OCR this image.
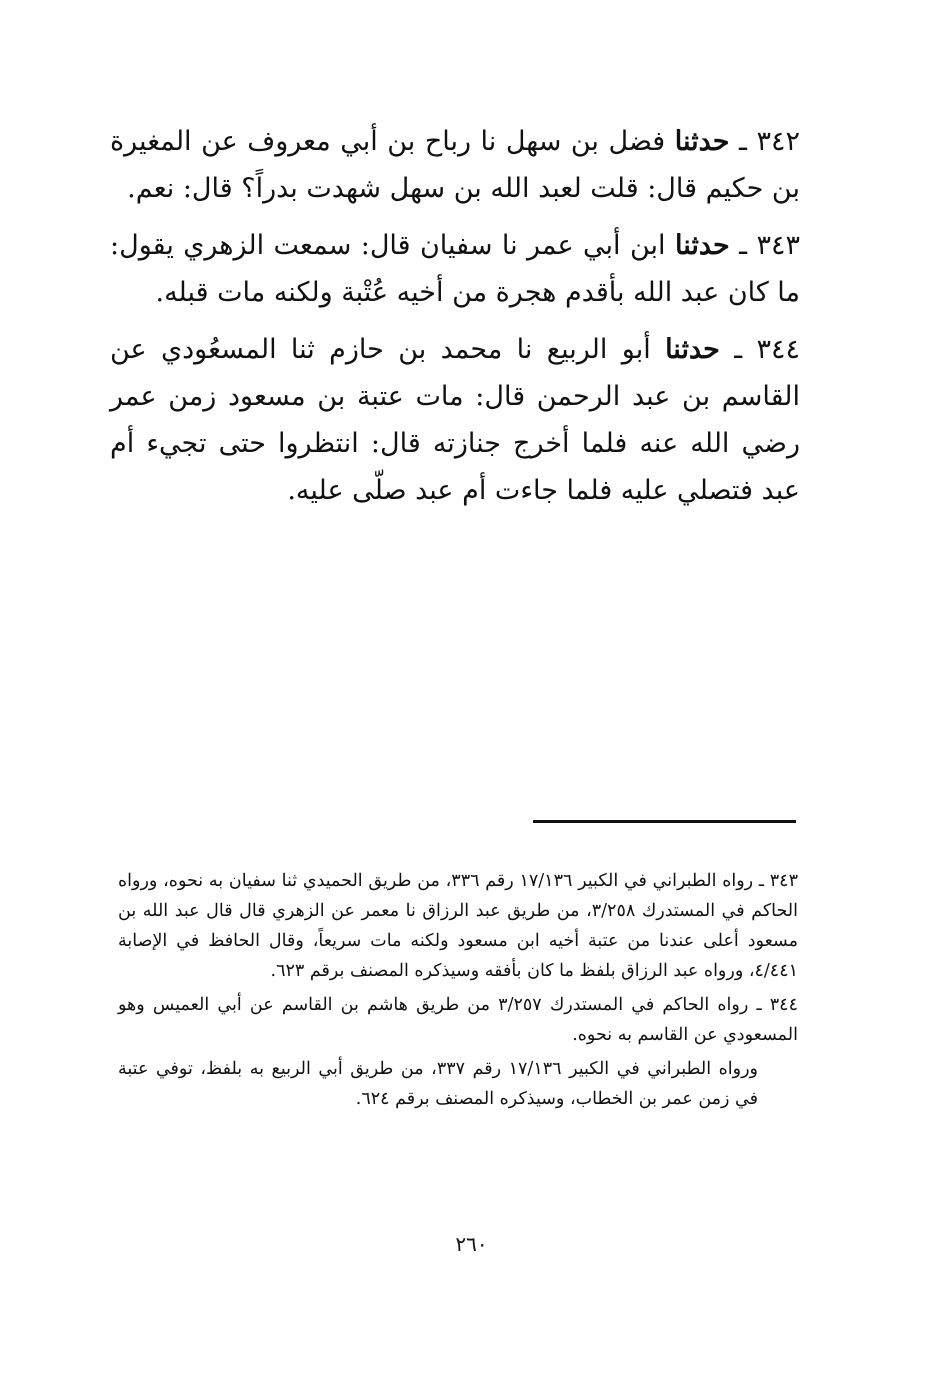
٣٤٢ ـ حدثنا فضل بن سهل نا رباح بن أبي معروف عن المغيرة بن حكيم قال: قلت لعبد الله بن سهل شهدت بدراً؟ قال: نعم.

٣٤٣ ـ حدثنا ابن أبي عمر نا سفيان قال: سمعت الزهري يقول: ما كان عبد الله بأقدم هجرة من أخيه عُتْبة ولكنه مات قبله.

٣٤٤ ـ حدثنا أبو الربيع نا محمد بن حازم ثنا المسعُودي عن القاسم بن عبد الرحمن قال: مات عتبة بن مسعود زمن عمر رضي الله عنه فلما أخرج جنازته قال: انتظروا حتى تجيء أم عبد فتصلي عليه فلما جاءت أم عبد صلّى عليه.

٣٤٣ ـ رواه الطبراني في الكبير ١٧/١٣٦ رقم ٣٣٦، من طريق الحميدي ثنا سفيان به نحوه، ورواه الحاكم في المستدرك ٣/٢٥٨، من طريق عبد الرزاق نا معمر عن الزهري قال قال عبد الله بن مسعود أعلى عندنا من عتبة أخيه ابن مسعود ولكنه مات سريعاً، وقال الحافظ في الإصابة ٤/٤٤١، ورواه عبد الرزاق بلفظ ما كان بأفقه وسيذكره المصنف برقم ٦٢٣.

٣٤٤ ـ رواه الحاكم في المستدرك ٣/٢٥٧ من طريق هاشم بن القاسم عن أبي العميس وهو المسعودي عن القاسم به نحوه.

ورواه الطبراني في الكبير ١٧/١٣٦ رقم ٣٣٧، من طريق أبي الربيع به بلفظ، توفي عتبة في زمن عمر بن الخطاب، وسيذكره المصنف برقم ٦٢٤.

٢٦٠
